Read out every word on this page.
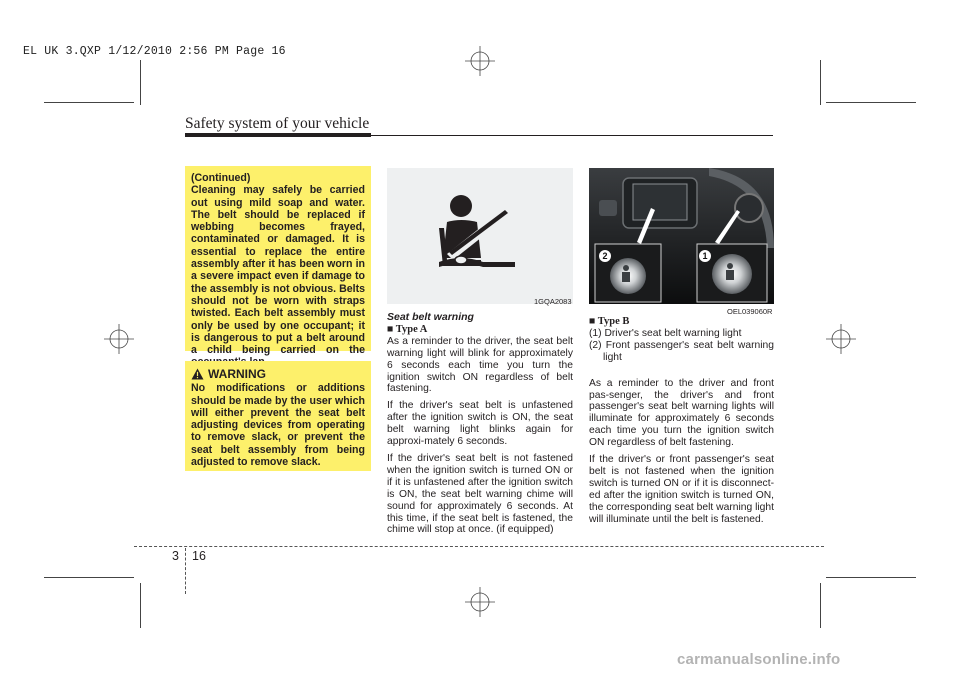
EL UK 3.QXP 1/12/2010 2:56 PM Page 16
Safety system of your vehicle
(Continued)
Cleaning may safely be carried out using mild soap and water. The belt should be replaced if webbing becomes frayed, contaminated or damaged. It is essential to replace the entire assembly after it has been worn in a severe impact even if damage to the assembly is not obvious. Belts should not be worn with straps twisted. Each belt assembly must only be used by one occupant; it is dangerous to put a belt around a child being carried on the
WARNING
No modifications or additions should be made by the user which will either prevent the seat belt adjusting devices from operating to remove slack, or prevent the seat belt assembly from being adjusted to remove slack.
1GQA2083
2	1
OEL039060R
Seat belt warning
■ Type A

As a reminder to the driver, the seat belt warning light will blink for approximately 6 seconds each time you turn the ignition switch ON regardless of belt fastening.

If the driver's seat belt is unfastened after the ignition switch is ON, the seat belt warning light blinks again for approxi-mately 6 seconds.

If the driver's seat belt is not fastened when the ignition switch is turned ON or if it is unfastened after the ignition switch is ON, the seat belt warning chime will sound for approximately 6 seconds. At this time, if the seat belt is fastened, the chime will stop at once. (if equipped)

■ Type B

(1) Driver's seat belt warning light

(2) Front passenger's seat belt warning light

As a reminder to the driver and front pas-senger, the driver's and front passenger's seat belt warning lights will illuminate for approximately 6 seconds each time you turn the ignition switch ON regardless of belt fastening.

If the driver's or front passenger's seat belt is not fastened when the ignition switch is turned ON or if it is disconnect-ed after the ignition switch is turned ON, the corresponding seat belt warning light will illuminate until the belt is fastened.

3 16
carmanualsonline.info
